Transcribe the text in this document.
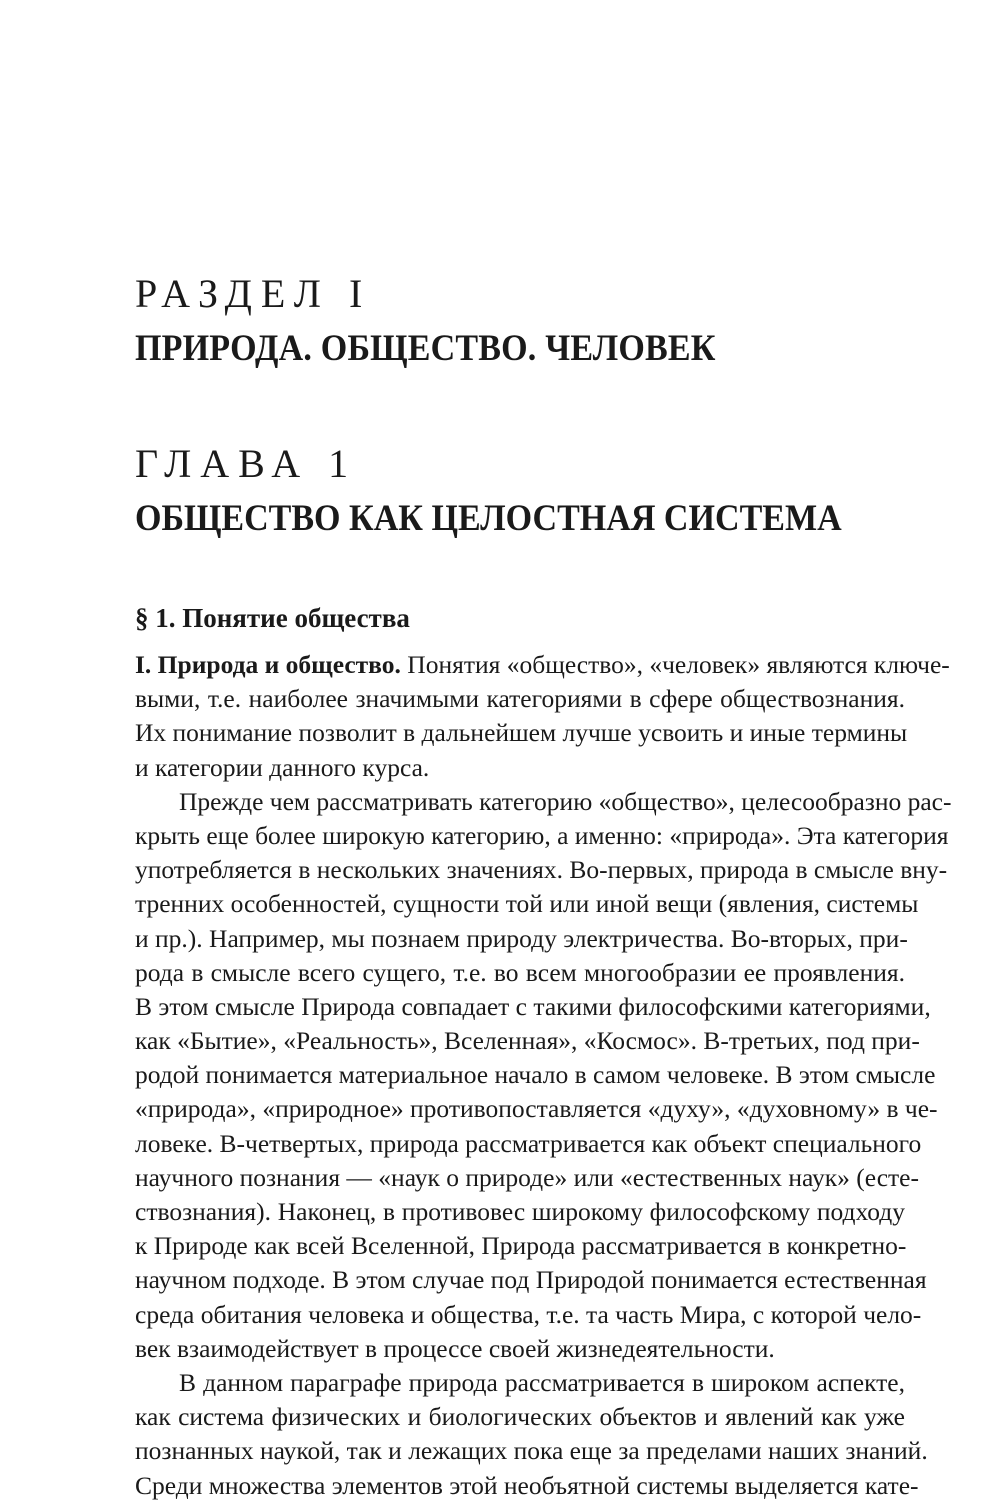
РАЗДЕЛ I
ПРИРОДА. ОБЩЕСТВО. ЧЕЛОВЕК
ГЛАВА 1
ОБЩЕСТВО КАК ЦЕЛОСТНАЯ СИСТЕМА
§ 1. Понятие общества
I. Природа и общество. Понятия «общество», «человек» являются ключе-
выми, т.е. наиболее значимыми категориями в сфере обществознания.
Их понимание позволит в дальнейшем лучше усвоить и иные термины
и категории данного курса.
Прежде чем рассматривать категорию «общество», целесообразно рас-
крыть еще более широкую категорию, а именно: «природа». Эта категория
употребляется в нескольких значениях. Во-первых, природа в смысле вну-
тренних особенностей, сущности той или иной вещи (явления, системы
и пр.). Например, мы познаем природу электричества. Во-вторых, при-
рода в смысле всего сущего, т.е. во всем многообразии ее проявления.
В этом смысле Природа совпадает с такими философскими категориями,
как «Бытие», «Реальность», Вселенная», «Космос». В-третьих, под при-
родой понимается материальное начало в самом человеке. В этом смысле
«природа», «природное» противопоставляется «духу», «духовному» в че-
ловеке. В-четвертых, природа рассматривается как объект специального
научного познания — «наук о природе» или «естественных наук» (есте-
ствознания). Наконец, в противовес широкому философскому подходу
к Природе как всей Вселенной, Природа рассматривается в конкретно-
научном подходе. В этом случае под Природой понимается естественная
среда обитания человека и общества, т.е. та часть Мира, с которой чело-
век взаимодействует в процессе своей жизнедеятельности.
В данном параграфе природа рассматривается в широком аспекте,
как система физических и биологических объектов и явлений как уже
познанных наукой, так и лежащих пока еще за пределами наших знаний.
Среди множества элементов этой необъятной системы выделяется кате-
